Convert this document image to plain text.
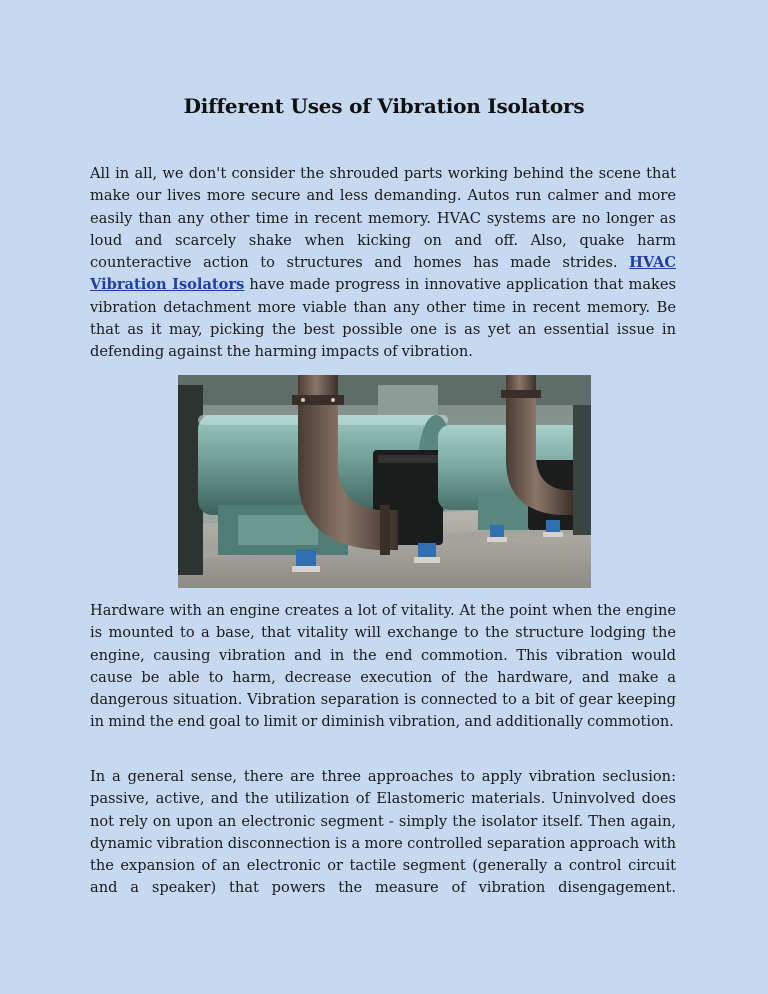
Different Uses of Vibration Isolators

All in all, we don't consider the shrouded parts working behind the scene that make our lives more secure and less demanding. Autos run calmer and more easily than any other time in recent memory. HVAC systems are no longer as loud and scarcely shake when kicking on and off. Also, quake harm counteractive action to structures and homes has made strides. HVAC Vibration Isolators have made progress in innovative application that makes vibration detachment more viable than any other time in recent memory. Be that as it may, picking the best possible one is as yet an essential issue in defending against the harming impacts of vibration.

Hardware with an engine creates a lot of vitality. At the point when the engine is mounted to a base, that vitality will exchange to the structure lodging the engine, causing vibration and in the end commotion. This vibration would cause be able to harm, decrease execution of the hardware, and make a dangerous situation. Vibration separation is connected to a bit of gear keeping in mind the end goal to limit or diminish vibration, and additionally commotion.

In a general sense, there are three approaches to apply vibration seclusion: passive, active, and the utilization of Elastomeric materials. Uninvolved does not rely on upon an electronic segment - simply the isolator itself. Then again, dynamic vibration disconnection is a more controlled separation approach with the expansion of an electronic or tactile segment (generally a control circuit and a speaker) that powers the measure of vibration disengagement.
